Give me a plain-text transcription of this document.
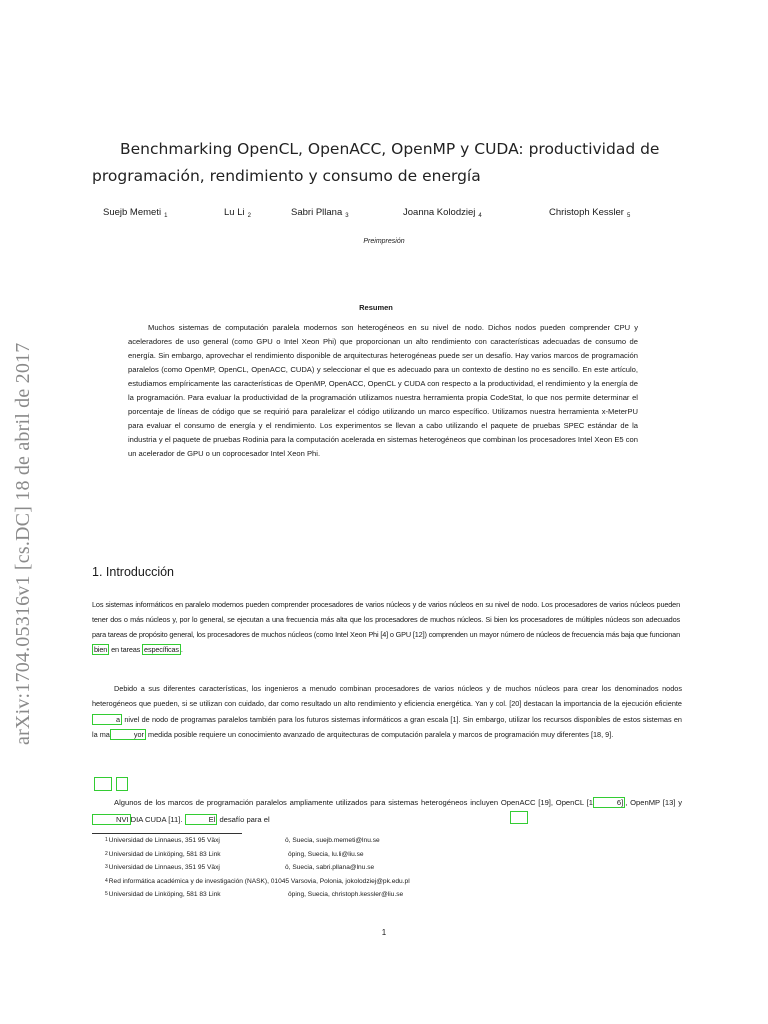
arXiv:1704.05316v1 [cs.DC] 18 de abril de 2017
Benchmarking OpenCL, OpenACC, OpenMP y CUDA: productividad de
programación, rendimiento y consumo de energía
Suejb Memeti $_1$	Lu Li $_2$	Sabri Pllana $_3$	Joanna Kolodziej $_4$	Christoph Kessler $_5$
Preimpresión
Resumen

Muchos sistemas de computación paralela modernos son heterogéneos en su nivel de nodo. Dichos nodos pueden comprender CPU y aceleradores de uso general (como GPU o Intel Xeon Phi) que proporcionan un alto rendimiento con características adecuadas de consumo de energía. Sin embargo, aprovechar el rendimiento disponible de arquitecturas heterogéneas puede ser un desafío. Hay varios marcos de programación paralelos (como OpenMP, OpenCL, OpenACC, CUDA) y seleccionar el que es adecuado para un contexto de destino no es sencillo. En este artículo, estudiamos empíricamente las características de OpenMP, OpenACC, OpenCL y CUDA con respecto a la productividad, el rendimiento y la energía de la programación. Para evaluar la productividad de la programación utilizamos nuestra herramienta propia CodeStat, lo que nos permite determinar el porcentaje de líneas de código que se requirió para paralelizar el código utilizando un marco específico. Utilizamos nuestra herramienta x-MeterPU para evaluar el consumo de energía y el rendimiento. Los experimentos se llevan a cabo utilizando el paquete de pruebas SPEC estándar de la industria y el paquete de pruebas Rodinia para la computación acelerada en sistemas heterogéneos que combinan los procesadores Intel Xeon E5 con un acelerador de GPU o un coprocesador Intel Xeon Phi.

1. Introducción

Los sistemas informáticos en paralelo modernos pueden comprender procesadores de varios núcleos y de varios núcleos en su nivel de nodo. Los procesadores de varios núcleos pueden tener dos o más núcleos y, por lo general, se ejecutan a una frecuencia más alta que los procesadores de muchos núcleos. Si bien los procesadores de múltiples núcleos son adecuados para tareas de propósito general, los procesadores de muchos núcleos (como Intel Xeon Phi [4] o GPU [12]) comprenden un mayor número de núcleos de frecuencia más baja que funcionan bien en tareas específicas .

Debido a sus diferentes características, los ingenieros a menudo combinan procesadores de varios núcleos y de muchos núcleos para crear los denominados nodos heterogéneos que pueden, si se utilizan con cuidado, dar como resultado un alto rendimiento y eficiencia energética. Yan y col. [20] destacan la importancia de la ejecución eficiente a nivel de nodo de programas paralelos también para los futuros sistemas informáticos a gran escala [1]. Sin embargo, utilizar los recursos disponibles de estos sistemas en la ma	yor medida posible requiere un conocimiento avanzado de arquitecturas de computación paralela y marcos de programación muy diferentes [18, 9].

Algunos de los marcos de programación paralelos ampliamente utilizados para sistemas heterogéneos incluyen OpenACC [19], OpenCL [1	6] , OpenMP [13] y NVI DIA CUDA [11].	El desafío para el

$^1$Universidad de Linnaeus, 351 95 Växj	ö, Suecia, suejb.memeti@lnu.se
$^2$Universidad de Linköping, 581 83 Link	öping, Suecia, lu.li@liu.se
$^3$Universidad de Linnaeus, 351 95 Växj	ö, Suecia, sabri.pllana@lnu.se
$^4$Red informática académica y de investigación (NASK), 01045 Varsovia, Polonia, jokolodziej@pk.edu.pl
$^5$Universidad de Linköping, 581 83 Link	öping, Suecia, christoph.kessler@liu.se
1
